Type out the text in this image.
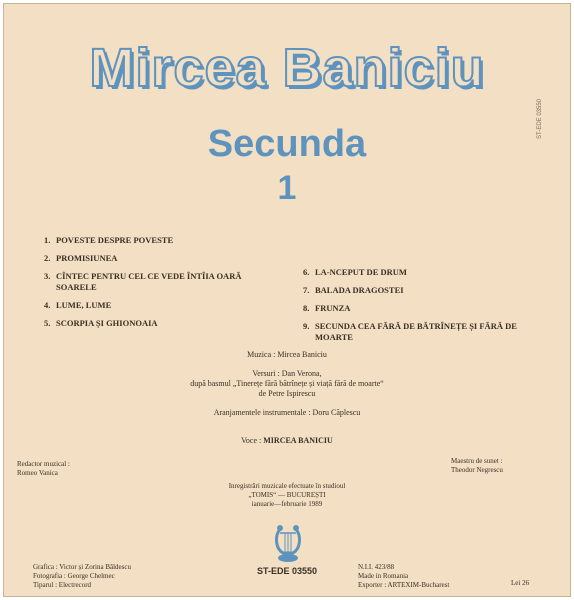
Mircea Baniciu
Secunda
1
ST-EDE 03550
1. POVESTE DESPRE POVESTE
2. PROMISIUNEA
3. CÎNTEC PENTRU CEL CE VEDE ÎNTÎIA OARĂ SOARELE
4. LUME, LUME
5. SCORPIA ȘI GHIONOAIA
6. LA-NCEPUT DE DRUM
7. BALADA DRAGOSTEI
8. FRUNZA
9. SECUNDA CEA FĂRĂ DE BĂTRÎNEȚE ȘI FĂRĂ DE MOARTE
Muzica : Mircea Baniciu
Versuri : Dan Verona,
după basmul „Tinerețe fără bătrînețe și viață fără de moarte“
de Petre Ispirescu
Aranjamentele instrumentale : Doru Căplescu
Voce : MIRCEA BANICIU
Redactor muzical :
Romeo Vanica
Maestru de sunet :
Theodor Negrescu
Inregistrări muzicale efectuate în studioul
„TOMIS“ — BUCUREȘTI
ianuarie—februarie 1989
Grafica : Victor și Zorina Băldescu
Fotografia : George Chelmec
Tiparul : Electrecord
ST-EDE 03550	N.I.I. 423/88
Made in Romania
Exporter : ARTEXIM-Bucharest	Lei 26
